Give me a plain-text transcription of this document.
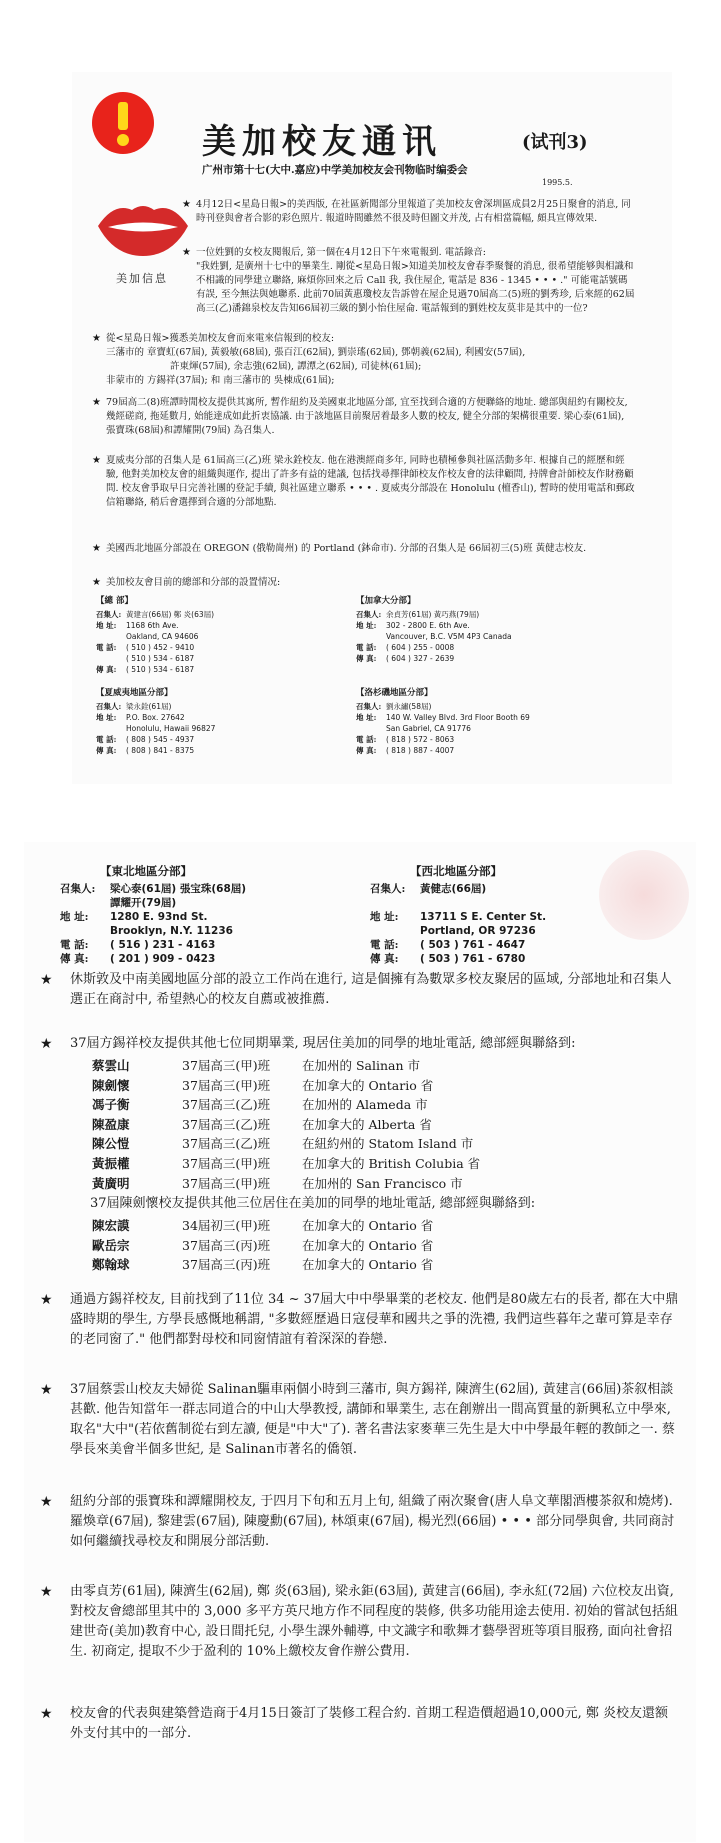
美加校友通讯	(试刊3)
广州市第十七(大中.嘉应)中学美加校友会刊物临时编委会
1995.5.
美加信息
★ 4月12日<星島日報>的美西版, 在社區新聞部分里報道了美加校友會深圳區成員2月25日聚會的消息, 同時刊登與會者合影的彩色照片. 報道時間雖然不很及時但圖文并茂, 占有相當篇幅, 頗具宣傳效果.
★ 一位姓劉的女校友閱報后, 第一個在4月12日下午來電報到. 電話錄音:
"我姓劉, 是廣州十七中的畢業生. 剛從<星島日報>知道美加校友會春季聚餐的消息, 很希望能够與相識和不相識的同學建立聯絡, 麻煩你回來之后 Call 我, 我住屋企, 電話是 836 - 1345 • • • ." 可能電話號碼有誤, 至今無法與她聯系. 此前70屆黃惠瓊校友告訴曾在屋企見過70屆高二(5)班的劉秀珍, 后來經的62屆高三(乙)潘錦泉校友告知66屆初三級的劉小怡住屋侖. 電話報到的劉姓校友莫非是其中的一位?
★ 從<星島日報>獲悉美加校友會而來電來信報到的校友:
三藩市的 章寶虹(67屆), 黃毅敏(68屆), 張百江(62屆), 劉崇瑤(62屆), 鄧朝義(62屆), 利國安(57屆),
許東煇(57屆), 余志強(62屆), 譚潭之(62屆), 司徒林(61屆);
非蒙市的 方錫祥(37屆); 和 南三藩市的 吳棟成(61屆);
★ 79屆高二(8)班譚時閒校友提供其寓所, 暫作紐約及美國東北地區分部, 宜至找到合適的方便聯絡的地址. 總部與紐約有關校友, 幾經磋商, 拖延數月, 始能達成如此折衷協議. 由于該地區目前聚居着最多人數的校友, 健全分部的架構很重要. 梁心泰(61屆), 張寶珠(68屆)和譚耀開(79屆) 為召集人.
★ 夏威夷分部的召集人是 61屆高三(乙)班 梁永銓校友. 他在港澳經商多年, 同時也積極參與社區活動多年. 根據自己的經歷和經驗, 他對美加校友會的組織與運作, 提出了許多有益的建議, 包括找尋擇律師校友作校友會的法律顧問, 持牌會計師校友作財務顧問. 校友會爭取早日完善社團的登記手續, 與社區建立聯系 • • • . 夏威夷分部設在 Honolulu (檀香山), 暫時的使用電話和郵政信箱聯絡, 稍后會選擇到合適的分部地點.
★ 美國西北地區分部設在 OREGON (俄勒崗州) 的 Portland (鉢命市). 分部的召集人是 66屆初三(5)班 黃健志校友.
★ 美加校友會目前的總部和分部的設置情况:
【總 部】
召集人: 黃建言(66屆) 鄭 炎(63屆)
地 址:	1168 6th Ave.
Oakland, CA 94606
電 話:	( 510 ) 452 - 9410
( 510 ) 534 - 6187
傳 真:	( 510 ) 534 - 6187
【加拿大分部】
召集人: 余貞芳(61屆) 黃巧燕(79屆)
地 址:	302 - 2800 E. 6th Ave.
Vancouver, B.C. V5M 4P3 Canada
電 話:	( 604 ) 255 - 0008
傳 真:	( 604 ) 327 - 2639
【夏威夷地區分部】
召集人: 梁永銓(61屆)
地 址:	P.O. Box. 27642
Honolulu, Hawaii 96827
電 話:	( 808 ) 545 - 4937
傳 真:	( 808 ) 841 - 8375
【洛杉磯地區分部】
召集人: 劉永繡(58屆)
地 址:	140 W. Valley Blvd. 3rd Floor Booth 69
San Gabriel, CA 91776
電 話:	( 818 ) 572 - 8063
傳 真:	( 818 ) 887 - 4007
【東北地區分部】
召集人:	梁心泰(61屆) 張宝珠(68屆)
譚耀开(79屆)
地 址:	1280 E. 93nd St.
Brooklyn, N.Y. 11236
電 話:	( 516 ) 231 - 4163
傳 真:	( 201 ) 909 - 0423
【西北地區分部】
召集人:	黃健志(66屆)
地 址:	13711 S E. Center St.
Portland, OR 97236
電 話:	( 503 ) 761 - 4647
傳 真:	( 503 ) 761 - 6780
★ 休斯敦及中南美國地區分部的設立工作尚在進行, 這是個擁有為數眾多校友聚居的區域, 分部地址和召集人選正在商討中, 希望熱心的校友自薦或被推薦.
★ 37屆方錫祥校友提供其他七位同期畢業, 現居住美加的同學的地址電話, 總部經與聯絡到:
蔡雲山	37屆高三(甲)班	在加州的 Salinan 市
陳劍懷	37屆高三(甲)班	在加拿大的 Ontario 省
馮子衡	37屆高三(乙)班	在加州的 Alameda 市
陳盈康	37屆高三(乙)班	在加拿大的 Alberta 省
陳公愷	37屆高三(乙)班	在紐約州的 Statom Island 市
黃振權	37屆高三(甲)班	在加拿大的 British Colubia 省
黃廣明	37屆高三(甲)班	在加州的 San Francisco 市
37屆陳劍懷校友提供其他三位居住在美加的同學的地址電話, 總部經與聯絡到:
陳宏謨	34屆初三(甲)班	在加拿大的 Ontario 省
歐岳宗	37屆高三(丙)班	在加拿大的 Ontario 省
鄭翰球	37屆高三(丙)班	在加拿大的 Ontario 省
★ 通過方錫祥校友, 目前找到了11位 34 ~ 37屆大中中學畢業的老校友. 他們是80歲左右的長者, 都在大中鼎盛時期的學生, 方學長感慨地稱謂, "多數經歷過日寇侵華和國共之爭的洗禮, 我們這些暮年之輩可算是幸存的老同窗了." 他們都對母校和同窗情誼有着深深的眷戀.
★ 37屆蔡雲山校友夫婦從 Salinan驅車兩個小時到三藩市, 與方錫祥, 陳濟生(62屆), 黃建言(66屆)茶叙相談甚歡. 他告知當年一群志同道合的中山大學教授, 講師和畢業生, 志在創辦出一間高質量的新興私立中學來, 取名"大中"(若依舊制從右到左讀, 便是"中大"了). 著名書法家麥華三先生是大中中學最年輕的教師之一. 蔡學長來美會半個多世紀, 是 Salinan市著名的僑領.
★ 紐約分部的張寶珠和譚耀開校友, 于四月下旬和五月上旬, 組織了兩次聚會(唐人阜文華閣酒樓茶叙和燒烤). 羅煥章(67屆), 黎建雲(67屆), 陳慶勳(67屆), 林頌東(67屆), 楊光烈(66屆) • • • 部分同學與會, 共同商討如何繼續找尋校友和開展分部活動.
★ 由零貞芳(61屆), 陳濟生(62屆), 鄭 炎(63屆), 梁永鉅(63屆), 黃建言(66屆), 李永紅(72屆) 六位校友出資, 對校友會總部里其中的 3,000 多平方英尺地方作不同程度的裝修, 供多功能用途去使用. 初始的嘗試包括組建世奇(美加)教育中心, 設日間托兒, 小學生課外輔導, 中文識字和歌舞才藝學習班等項目服務, 面向社會招生. 初商定, 提取不少于盈利的 10%上繳校友會作辦公費用.
★ 校友會的代表與建築營造商于4月15日簽訂了裝修工程合約. 首期工程造價超過10,000元, 鄭 炎校友還额外支付其中的一部分.
